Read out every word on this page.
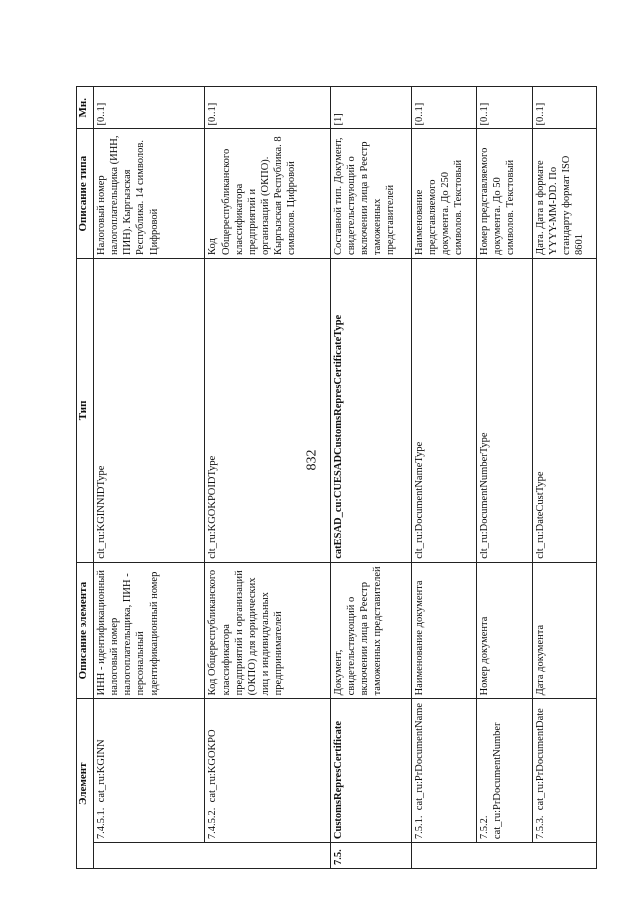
832
Элемент		Описание элемента	Тип	Описание типа	Мн.
	7.4.5.1.  cat_ru:KGINN	ИНН - идентификационный налоговый номер налогоплательщика, ПИН - персональный идентификационный номер	clt_ru:KGINNIDType	Налоговый номер налогоплательщика (ИНН, ПИН). Кыргызская Республика. 14 символов. Цифровой	[0..1]
	7.4.5.2.  cat_ru:KGOKPO	Код Общереспубликанского классификатора предприятий и организаций (ОКПО) для юридических лиц и индивидуальных предпринимателей	clt_ru:KGOKPOIDType	Код Общереспубликанского классификатора предприятий и организаций (ОКПО). Кыргызская Республика. 8 символов. Цифровой	[0..1]
7.5.	CustomsRepresCertificate	Документ, свидетельствующий о включении лица в Реестр таможенных представителей	catESAD_cu:CUESADCustomsRepresCertificateType	Составной тип. Документ, свидетельствующий о включении лица в Реестр таможенных представителей	[1]
	7.5.1.  cat_ru:PrDocumentName	Наименование документа	clt_ru:DocumentNameType	Наименование представляемого документа. До 250 символов. Текстовый	[0..1]
	7.5.2. cat_ru:PrDocumentNumber	Номер документа	clt_ru:DocumentNumberType	Номер представляемого документа. До 50 символов. Текстовый	[0..1]
	7.5.3.  cat_ru:PrDocumentDate	Дата документа	clt_ru:DateCustType	Дата. Дата в формате YYYY-MM-DD. По стандарту формат ISO 8601	[0..1]
